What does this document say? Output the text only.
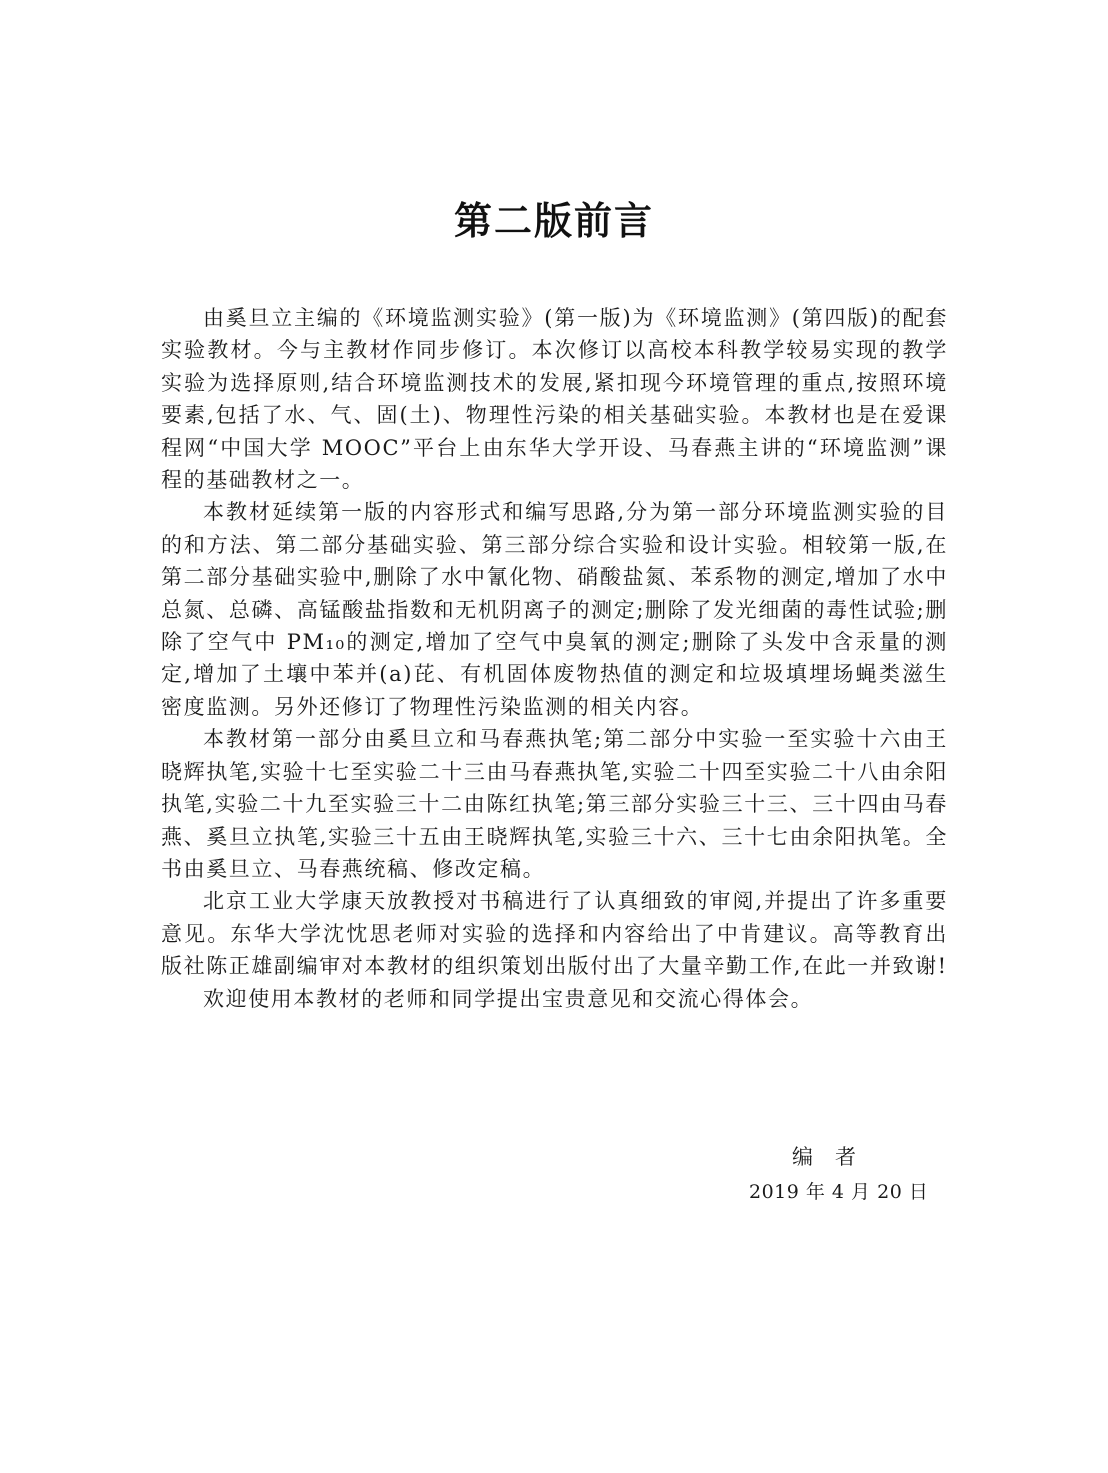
第二版前言

由奚旦立主编的《环境监测实验》(第一版)为《环境监测》(第四版)的配套实验教材。今与主教材作同步修订。本次修订以高校本科教学较易实现的教学实验为选择原则,结合环境监测技术的发展,紧扣现今环境管理的重点,按照环境要素,包括了水、气、固(土)、物理性污染的相关基础实验。本教材也是在爱课程网“中国大学 MOOC”平台上由东华大学开设、马春燕主讲的“环境监测”课程的基础教材之一。

本教材延续第一版的内容形式和编写思路,分为第一部分环境监测实验的目的和方法、第二部分基础实验、第三部分综合实验和设计实验。相较第一版,在第二部分基础实验中,删除了水中氰化物、硝酸盐氮、苯系物的测定,增加了水中总氮、总磷、高锰酸盐指数和无机阴离子的测定;删除了发光细菌的毒性试验;删除了空气中 PM₁₀的测定,增加了空气中臭氧的测定;删除了头发中含汞量的测定,增加了土壤中苯并(a)芘、有机固体废物热值的测定和垃圾填埋场蝇类滋生密度监测。另外还修订了物理性污染监测的相关内容。

本教材第一部分由奚旦立和马春燕执笔;第二部分中实验一至实验十六由王晓辉执笔,实验十七至实验二十三由马春燕执笔,实验二十四至实验二十八由余阳执笔,实验二十九至实验三十二由陈红执笔;第三部分实验三十三、三十四由马春燕、奚旦立执笔,实验三十五由王晓辉执笔,实验三十六、三十七由余阳执笔。全书由奚旦立、马春燕统稿、修改定稿。

北京工业大学康天放教授对书稿进行了认真细致的审阅,并提出了许多重要意见。东华大学沈忱思老师对实验的选择和内容给出了中肯建议。高等教育出版社陈正雄副编审对本教材的组织策划出版付出了大量辛勤工作,在此一并致谢!

欢迎使用本教材的老师和同学提出宝贵意见和交流心得体会。

编者
2019 年 4 月 20 日
